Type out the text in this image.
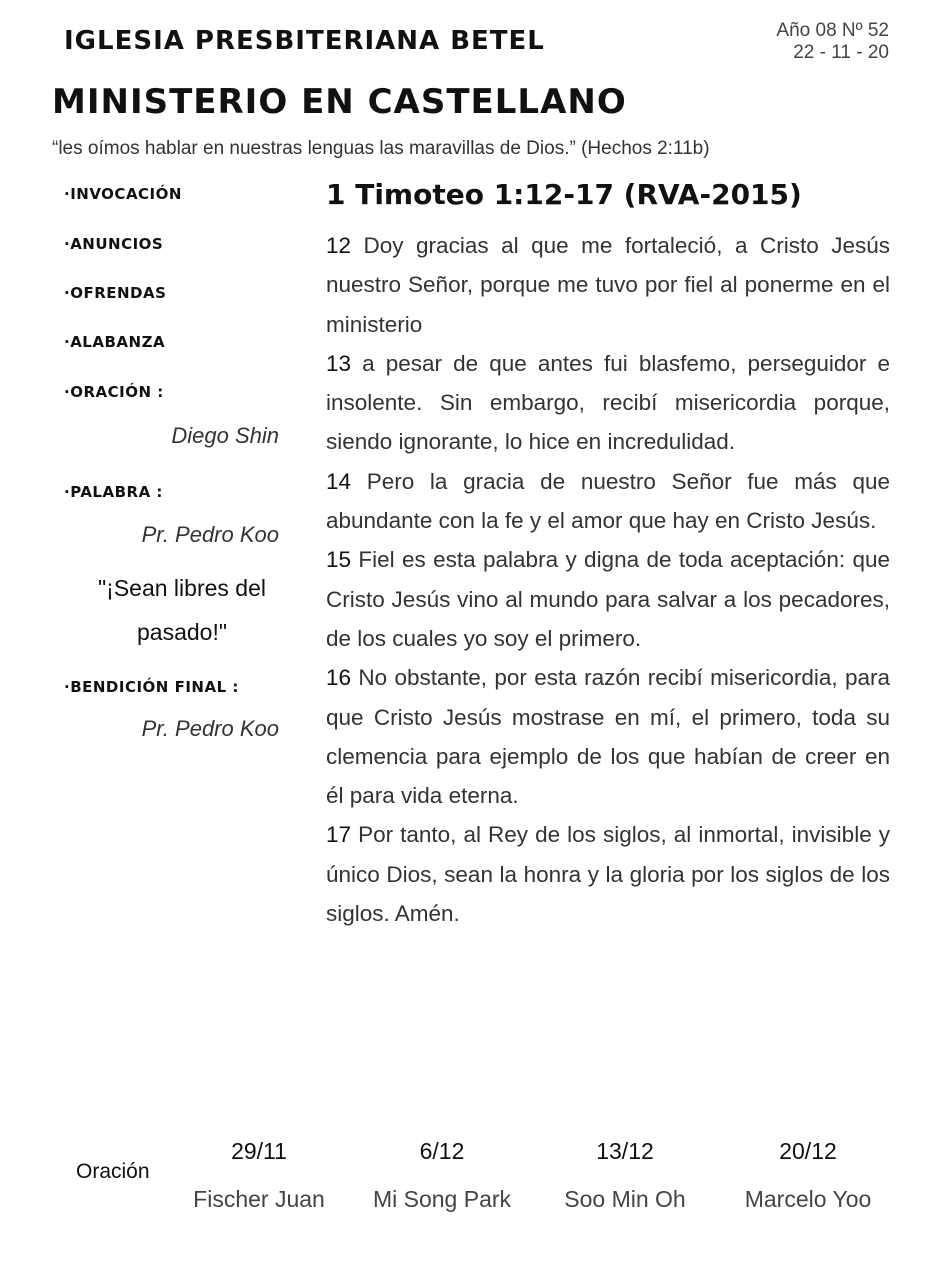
IGLESIA PRESBITERIANA BETEL	Año 08 Nº 52
22 - 11 - 20
MINISTERIO EN CASTELLANO
“les oímos hablar en nuestras lenguas las maravillas de Dios.” (Hechos 2:11b)
·INVOCACIÓN
·ANUNCIOS
·OFRENDAS
·ALABANZA
·ORACIÓN :
Diego Shin
·PALABRA :
Pr. Pedro Koo
"¡Sean libres del pasado!"
·BENDICIÓN FINAL :
Pr. Pedro Koo
1 Timoteo 1:12-17 (RVA-2015)

12 Doy gracias al que me fortaleció, a Cristo Jesús nuestro Señor, porque me tuvo por fiel al ponerme en el ministerio

13 a pesar de que antes fui blasfemo, perseguidor e insolente. Sin embargo, recibí misericordia porque, siendo ignorante, lo hice en incredulidad.

14 Pero la gracia de nuestro Señor fue más que abundante con la fe y el amor que hay en Cristo Jesús.

15 Fiel es esta palabra y digna de toda aceptación: que Cristo Jesús vino al mundo para salvar a los pecadores, de los cuales yo soy el primero.

16 No obstante, por esta razón recibí misericordia, para que Cristo Jesús mostrase en mí, el primero, toda su clemencia para ejemplo de los que habían de creer en él para vida eterna.

17 Por tanto, al Rey de los siglos, al inmortal, invisible y único Dios, sean la honra y la gloria por los siglos de los siglos. Amén.

Oración
29/11
Fischer Juan
6/12
Mi Song Park
13/12
Soo Min Oh
20/12
Marcelo Yoo
